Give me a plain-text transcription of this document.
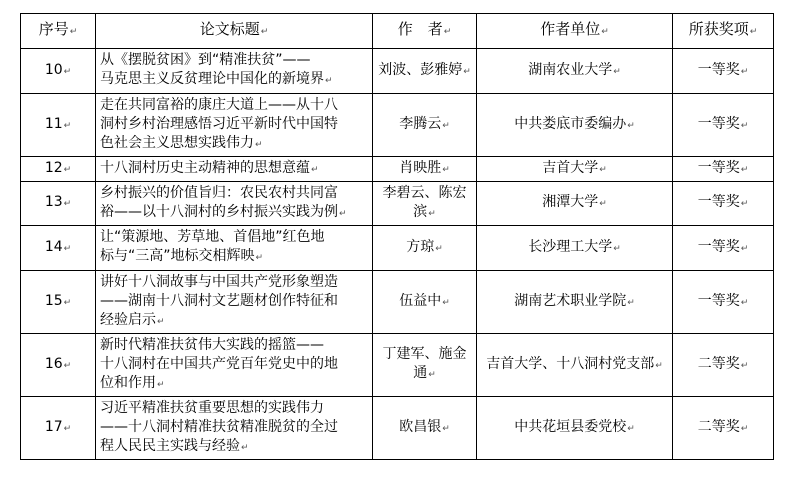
序号↵	论文标题↵	作　者↵	作者单位↵	所获奖项↵
10↵	从《摆脱贫困》到“精准扶贫”——
马克思主义反贫理论中国化的新境界↵	刘波、彭雅婷↵	湖南农业大学↵	一等奖↵
11↵	走在共同富裕的康庄大道上——从十八
洞村乡村治理感悟习近平新时代中国特
色社会主义思想实践伟力↵	李腾云↵	中共娄底市委编办↵	一等奖↵
12↵	十八洞村历史主动精神的思想意蕴↵	肖映胜↵	吉首大学↵	一等奖↵
13↵	乡村振兴的价值旨归：农民农村共同富
裕——以十八洞村的乡村振兴实践为例↵	李碧云、陈宏滨↵	湘潭大学↵	一等奖↵
14↵	让“策源地、芳草地、首倡地”红色地
标与“三高”地标交相辉映↵	方琼↵	长沙理工大学↵	一等奖↵
15↵	讲好十八洞故事与中国共产党形象塑造
——湖南十八洞村文艺题材创作特征和
经验启示↵	伍益中↵	湖南艺术职业学院↵	一等奖↵
16↵	新时代精准扶贫伟大实践的摇篮——
十八洞村在中国共产党百年党史中的地
位和作用↵	丁建军、施金通↵	吉首大学、十八洞村党支部↵	二等奖↵
17↵	习近平精准扶贫重要思想的实践伟力
——十八洞村精准扶贫精准脱贫的全过
程人民民主实践与经验↵	欧昌银↵	中共花垣县委党校↵	二等奖↵
